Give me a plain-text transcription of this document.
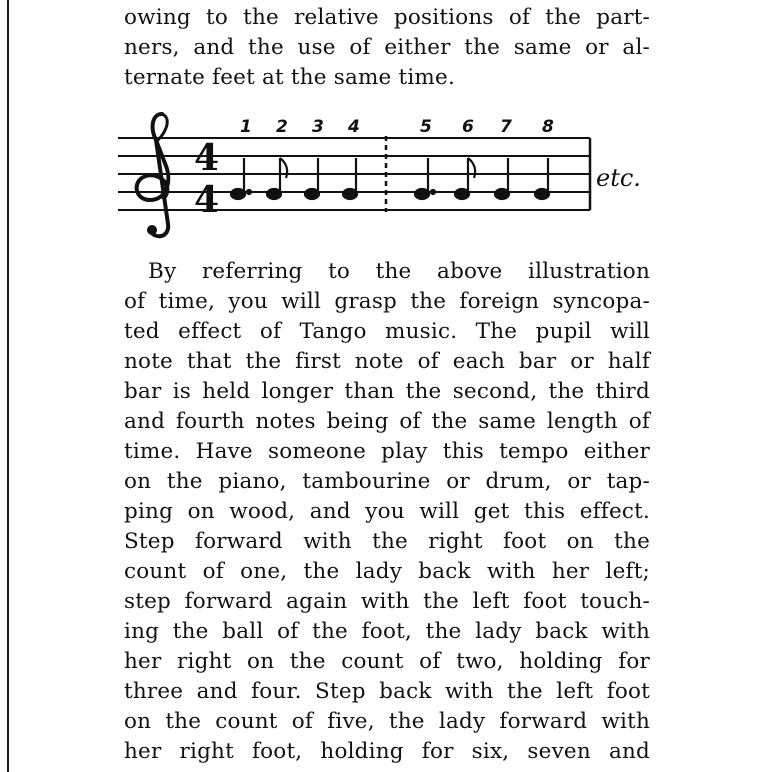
owing to the relative positions of the part-
ners, and the use of either the same or al-
ternate feet at the same time.

4
4
1 2 3 4	5 6 7 8
etc.

By referring to the above illustration
of time, you will grasp the foreign syncopa-
ted effect of Tango music. The pupil will
note that the first note of each bar or half
bar is held longer than the second, the third
and fourth notes being of the same length of
time. Have someone play this tempo either
on the piano, tambourine or drum, or tap-
ping on wood, and you will get this effect.
Step forward with the right foot on the
count of one, the lady back with her left;
step forward again with the left foot touch-
ing the ball of the foot, the lady back with
her right on the count of two, holding for
three and four. Step back with the left foot
on the count of five, the lady forward with
her right foot, holding for six, seven and
